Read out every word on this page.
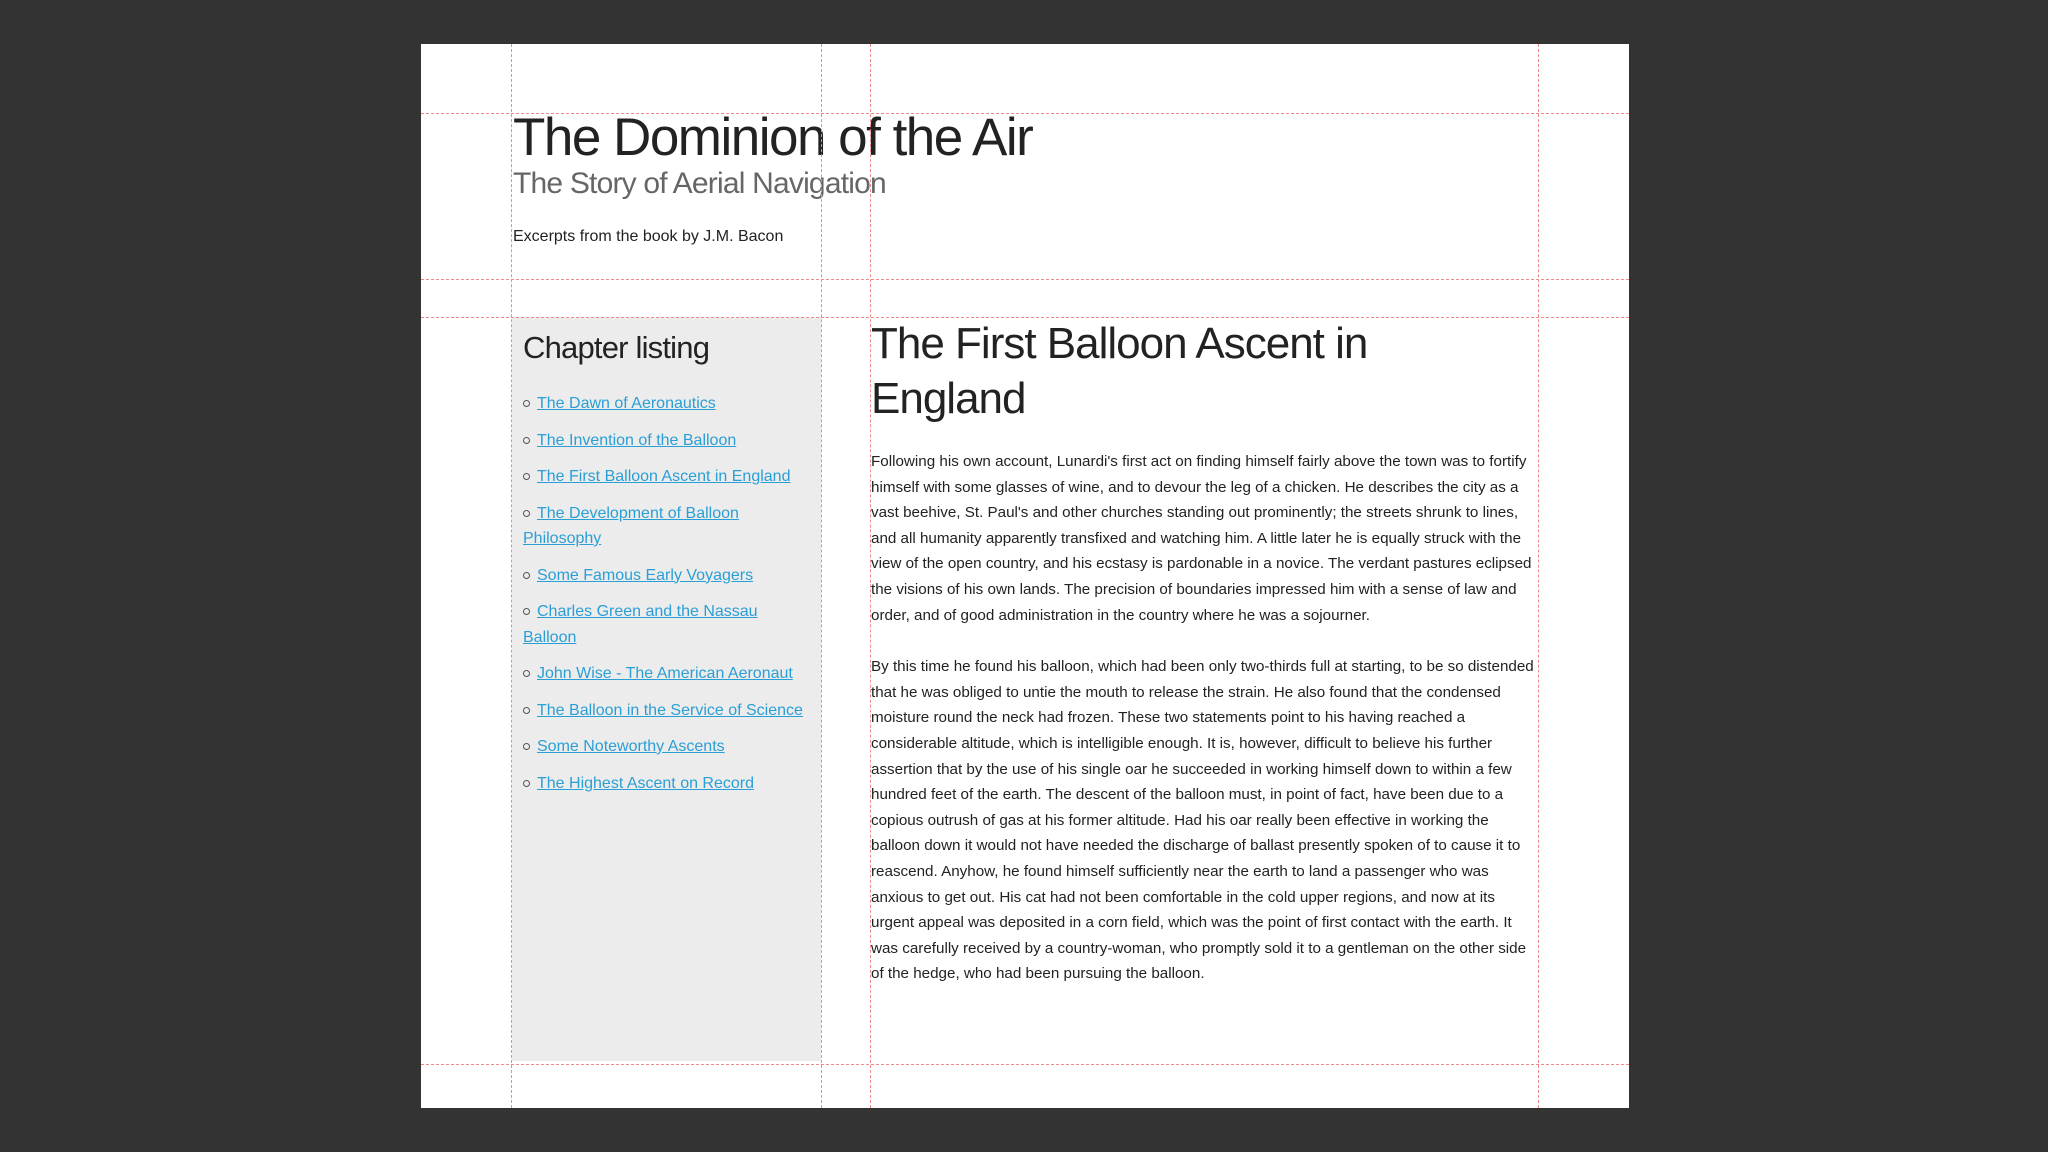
The Dominion of the Air
The Story of Aerial Navigation

Excerpts from the book by J.M. Bacon

Chapter listing
The Dawn of Aeronautics
The Invention of the Balloon
The First Balloon Ascent in England
The Development of Balloon Philosophy
Some Famous Early Voyagers
Charles Green and the Nassau Balloon
John Wise - The American Aeronaut
The Balloon in the Service of Science
Some Noteworthy Ascents
The Highest Ascent on Record
The First Balloon Ascent in England

Following his own account, Lunardi's first act on finding himself fairly above the town was to fortify himself with some glasses of wine, and to devour the leg of a chicken. He describes the city as a vast beehive, St. Paul's and other churches standing out prominently; the streets shrunk to lines, and all humanity apparently transfixed and watching him. A little later he is equally struck with the view of the open country, and his ecstasy is pardonable in a novice. The verdant pastures eclipsed the visions of his own lands. The precision of boundaries impressed him with a sense of law and order, and of good administration in the country where he was a sojourner.

By this time he found his balloon, which had been only two-thirds full at starting, to be so distended that he was obliged to untie the mouth to release the strain. He also found that the condensed moisture round the neck had frozen. These two statements point to his having reached a considerable altitude, which is intelligible enough. It is, however, difficult to believe his further assertion that by the use of his single oar he succeeded in working himself down to within a few hundred feet of the earth. The descent of the balloon must, in point of fact, have been due to a copious outrush of gas at his former altitude. Had his oar really been effective in working the balloon down it would not have needed the discharge of ballast presently spoken of to cause it to reascend. Anyhow, he found himself sufficiently near the earth to land a passenger who was anxious to get out. His cat had not been comfortable in the cold upper regions, and now at its urgent appeal was deposited in a corn field, which was the point of first contact with the earth. It was carefully received by a country-woman, who promptly sold it to a gentleman on the other side of the hedge, who had been pursuing the balloon.
